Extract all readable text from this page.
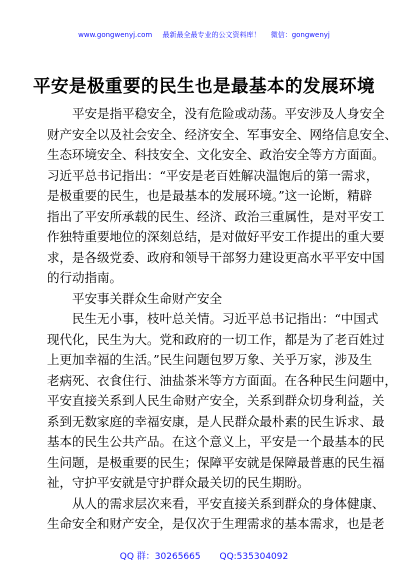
www.gongwenyj.com 最新最全最专业的公文资料库！ 微信：gongwenyj
平安是极重要的民生也是最基本的发展环境
平安是指平稳安全，没有危险或动荡。平安涉及人身安全
财产安全以及社会安全、经济安全、军事安全、网络信息安全、
生态环境安全、科技安全、文化安全、政治安全等方方面面。
习近平总书记指出：“平安是老百姓解决温饱后的第一需求，
是极重要的民生，也是最基本的发展环境。”这一论断，精辟
指出了平安所承载的民生、经济、政治三重属性，是对平安工
作独特重要地位的深刻总结，是对做好平安工作提出的重大要
求，是各级党委、政府和领导干部努力建设更高水平平安中国
的行动指南。
平安事关群众生命财产安全
民生无小事，枝叶总关情。习近平总书记指出：“中国式
现代化，民生为大。党和政府的一切工作，都是为了老百姓过
上更加幸福的生活。”民生问题包罗万象、关乎万家，涉及生
老病死、衣食住行、油盐茶米等方方面面。在各种民生问题中，
平安直接关系到人民生命财产安全，关系到群众切身利益，关
系到无数家庭的幸福安康，是人民群众最朴素的民生诉求、最
基本的民生公共产品。在这个意义上，平安是一个最基本的民
生问题，是极重要的民生；保障平安就是保障最普惠的民生福
祉，守护平安就是守护群众最关切的民生期盼。
从人的需求层次来看，平安直接关系到群众的身体健康、
生命安全和财产安全，是仅次于生理需求的基本需求，也是老
QQ 群：30265665 QQ:535304092
